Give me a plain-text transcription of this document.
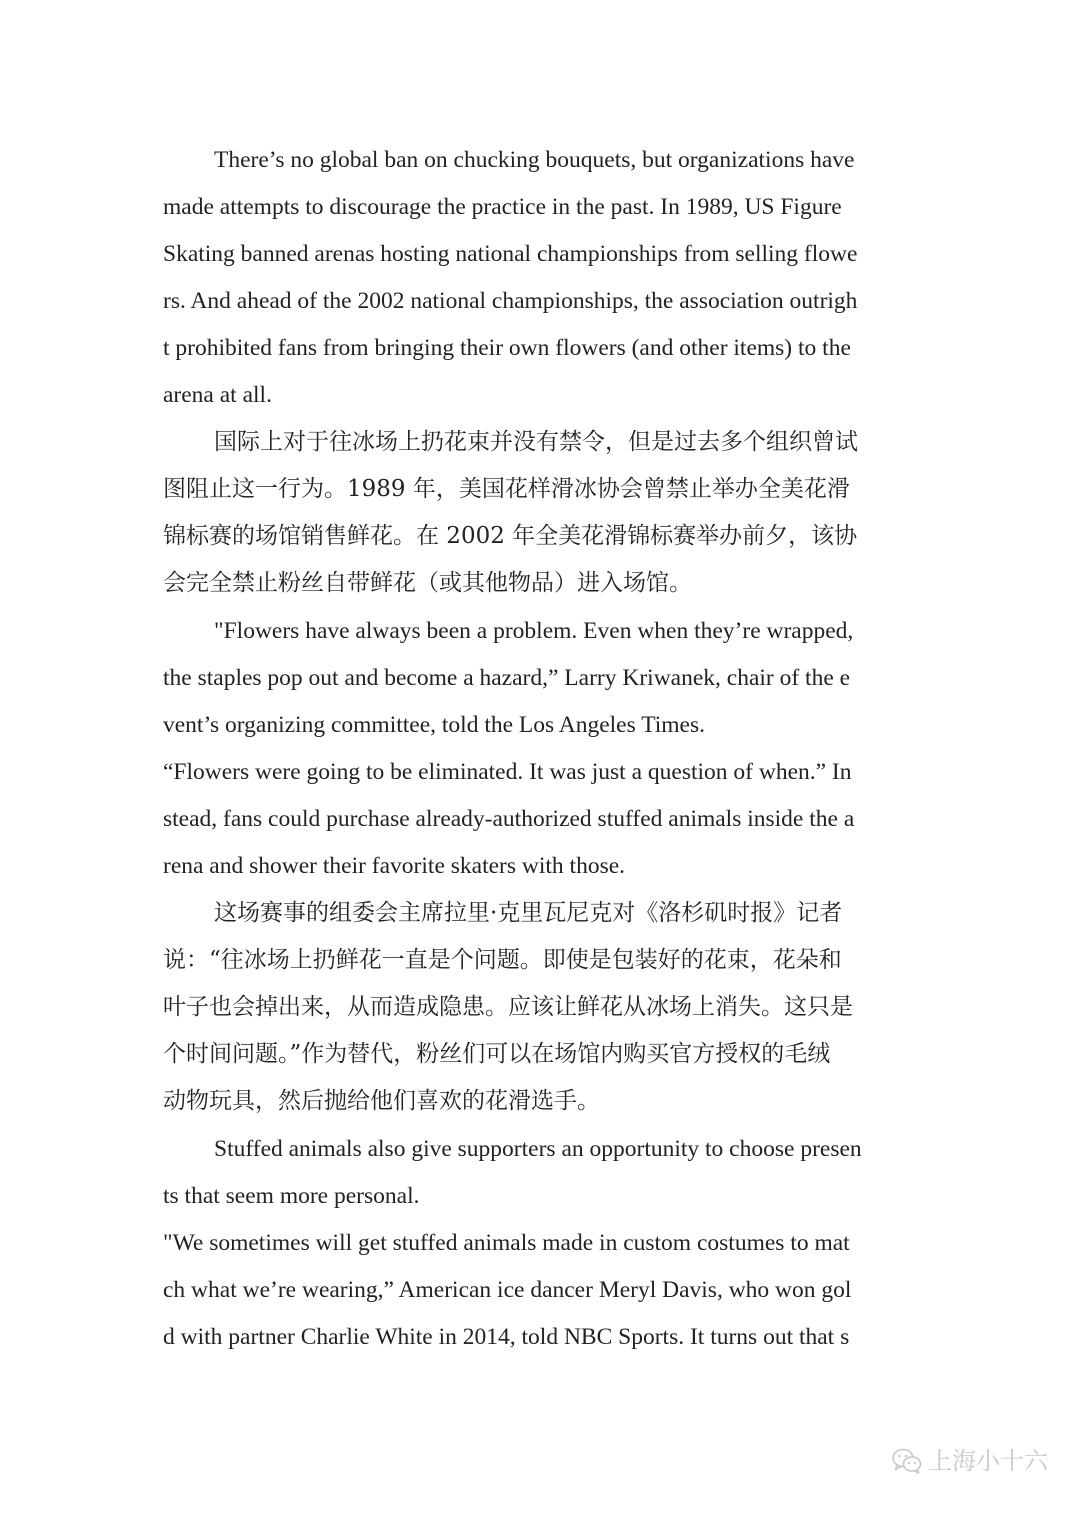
There’s no global ban on chucking bouquets, but organizations have
made attempts to discourage the practice in the past. In 1989, US Figure
Skating banned arenas hosting national championships from selling flowe
rs. And ahead of the 2002 national championships, the association outrigh
t prohibited fans from bringing their own flowers (and other items) to the
arena at all.
国际上对于往冰场上扔花束并没有禁令，但是过去多个组织曾试
图阻止这一行为。1989 年，美国花样滑冰协会曾禁止举办全美花滑
锦标赛的场馆销售鲜花。在 2002 年全美花滑锦标赛举办前夕，该协
会完全禁止粉丝自带鲜花（或其他物品）进入场馆。
"Flowers have always been a problem. Even when they’re wrapped,
the staples pop out and become a hazard,” Larry Kriwanek, chair of the e
vent’s organizing committee, told the Los Angeles Times.
“Flowers were going to be eliminated. It was just a question of when.” In
stead, fans could purchase already-authorized stuffed animals inside the a
rena and shower their favorite skaters with those.
这场赛事的组委会主席拉里·克里瓦尼克对《洛杉矶时报》记者
说：“往冰场上扔鲜花一直是个问题。即使是包装好的花束，花朵和
叶子也会掉出来，从而造成隐患。应该让鲜花从冰场上消失。这只是
个时间问题。”作为替代，粉丝们可以在场馆内购买官方授权的毛绒
动物玩具，然后抛给他们喜欢的花滑选手。
Stuffed animals also give supporters an opportunity to choose presen
ts that seem more personal.
"We sometimes will get stuffed animals made in custom costumes to mat
ch what we’re wearing,” American ice dancer Meryl Davis, who won gol
d with partner Charlie White in 2014, told NBC Sports. It turns out that s
上海小十六
